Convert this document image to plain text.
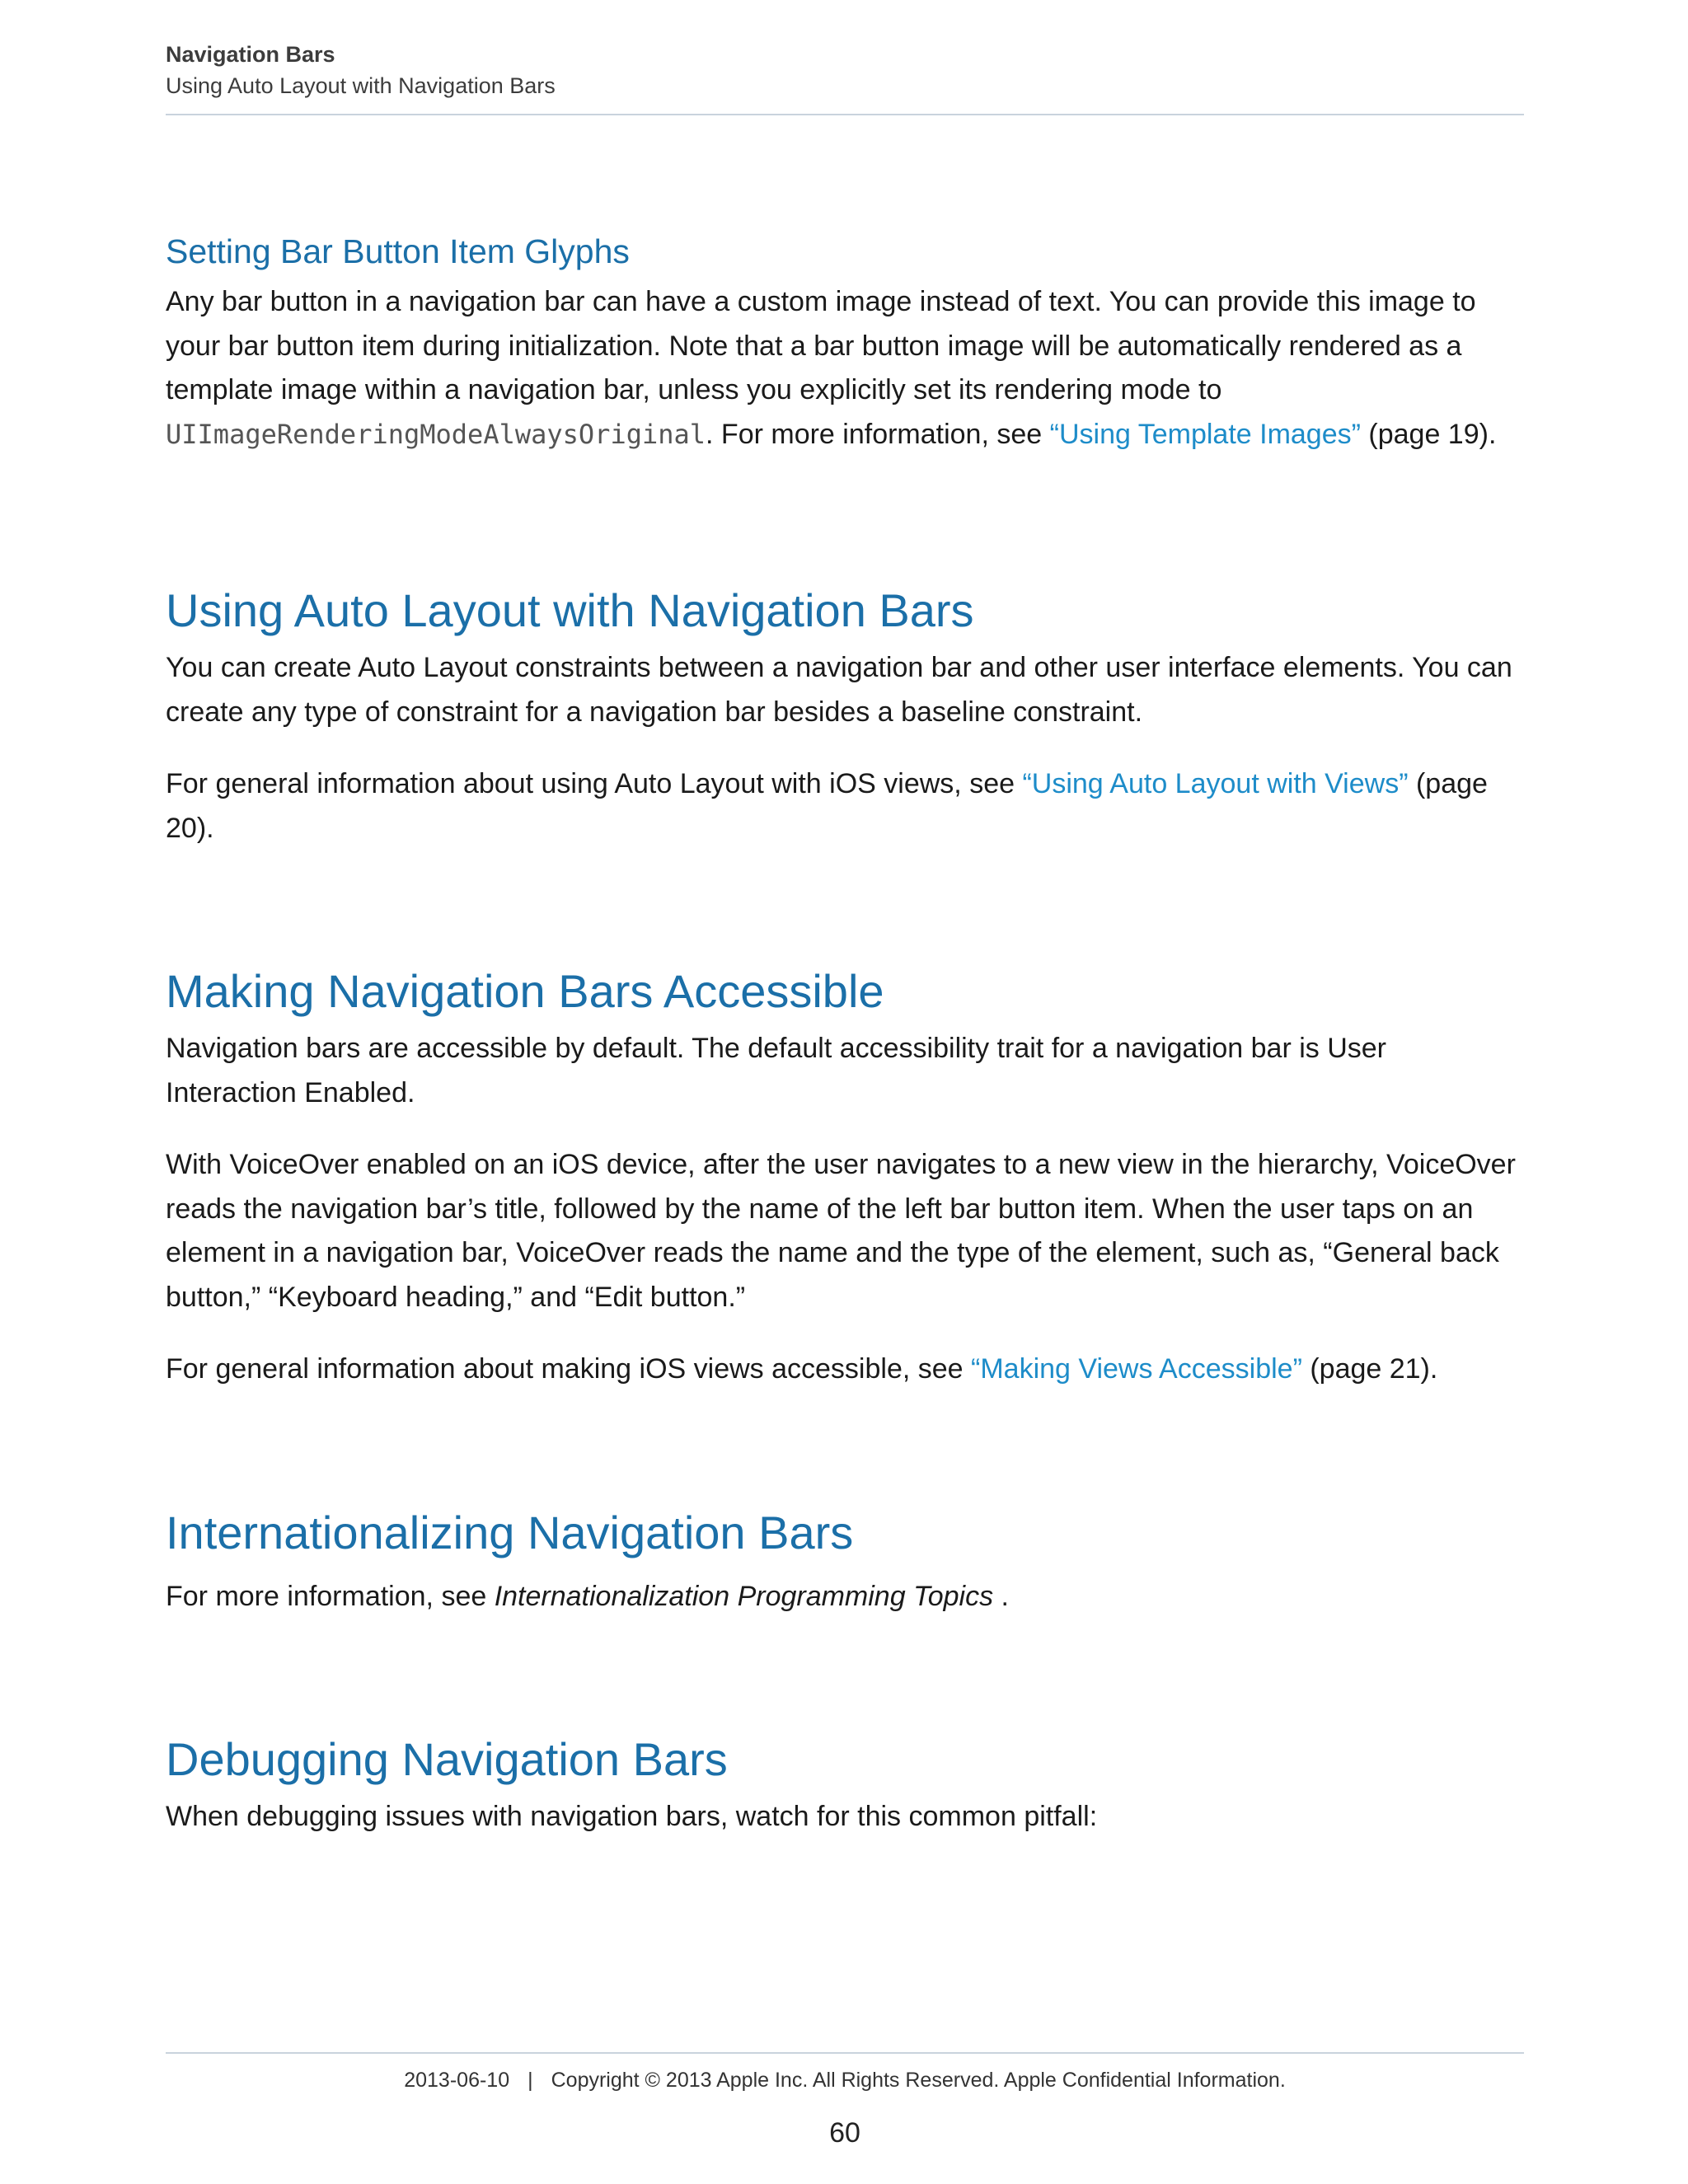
Navigation Bars
Using Auto Layout with Navigation Bars
Setting Bar Button Item Glyphs

Any bar button in a navigation bar can have a custom image instead of text. You can provide this image to your bar button item during initialization. Note that a bar button image will be automatically rendered as a template image within a navigation bar, unless you explicitly set its rendering mode to UIImageRenderingModeAlwaysOriginal. For more information, see “Using Template Images” (page 19).

Using Auto Layout with Navigation Bars

You can create Auto Layout constraints between a navigation bar and other user interface elements. You can create any type of constraint for a navigation bar besides a baseline constraint.

For general information about using Auto Layout with iOS views, see “Using Auto Layout with Views” (page 20).

Making Navigation Bars Accessible

Navigation bars are accessible by default. The default accessibility trait for a navigation bar is User Interaction Enabled.

With VoiceOver enabled on an iOS device, after the user navigates to a new view in the hierarchy, VoiceOver reads the navigation bar’s title, followed by the name of the left bar button item. When the user taps on an element in a navigation bar, VoiceOver reads the name and the type of the element, such as, “General back button,” “Keyboard heading,” and “Edit button.”

For general information about making iOS views accessible, see “Making Views Accessible” (page 21).

Internationalizing Navigation Bars

For more information, see Internationalization Programming Topics .

Debugging Navigation Bars

When debugging issues with navigation bars, watch for this common pitfall:

2013-06-10 | Copyright © 2013 Apple Inc. All Rights Reserved. Apple Confidential Information.
60
